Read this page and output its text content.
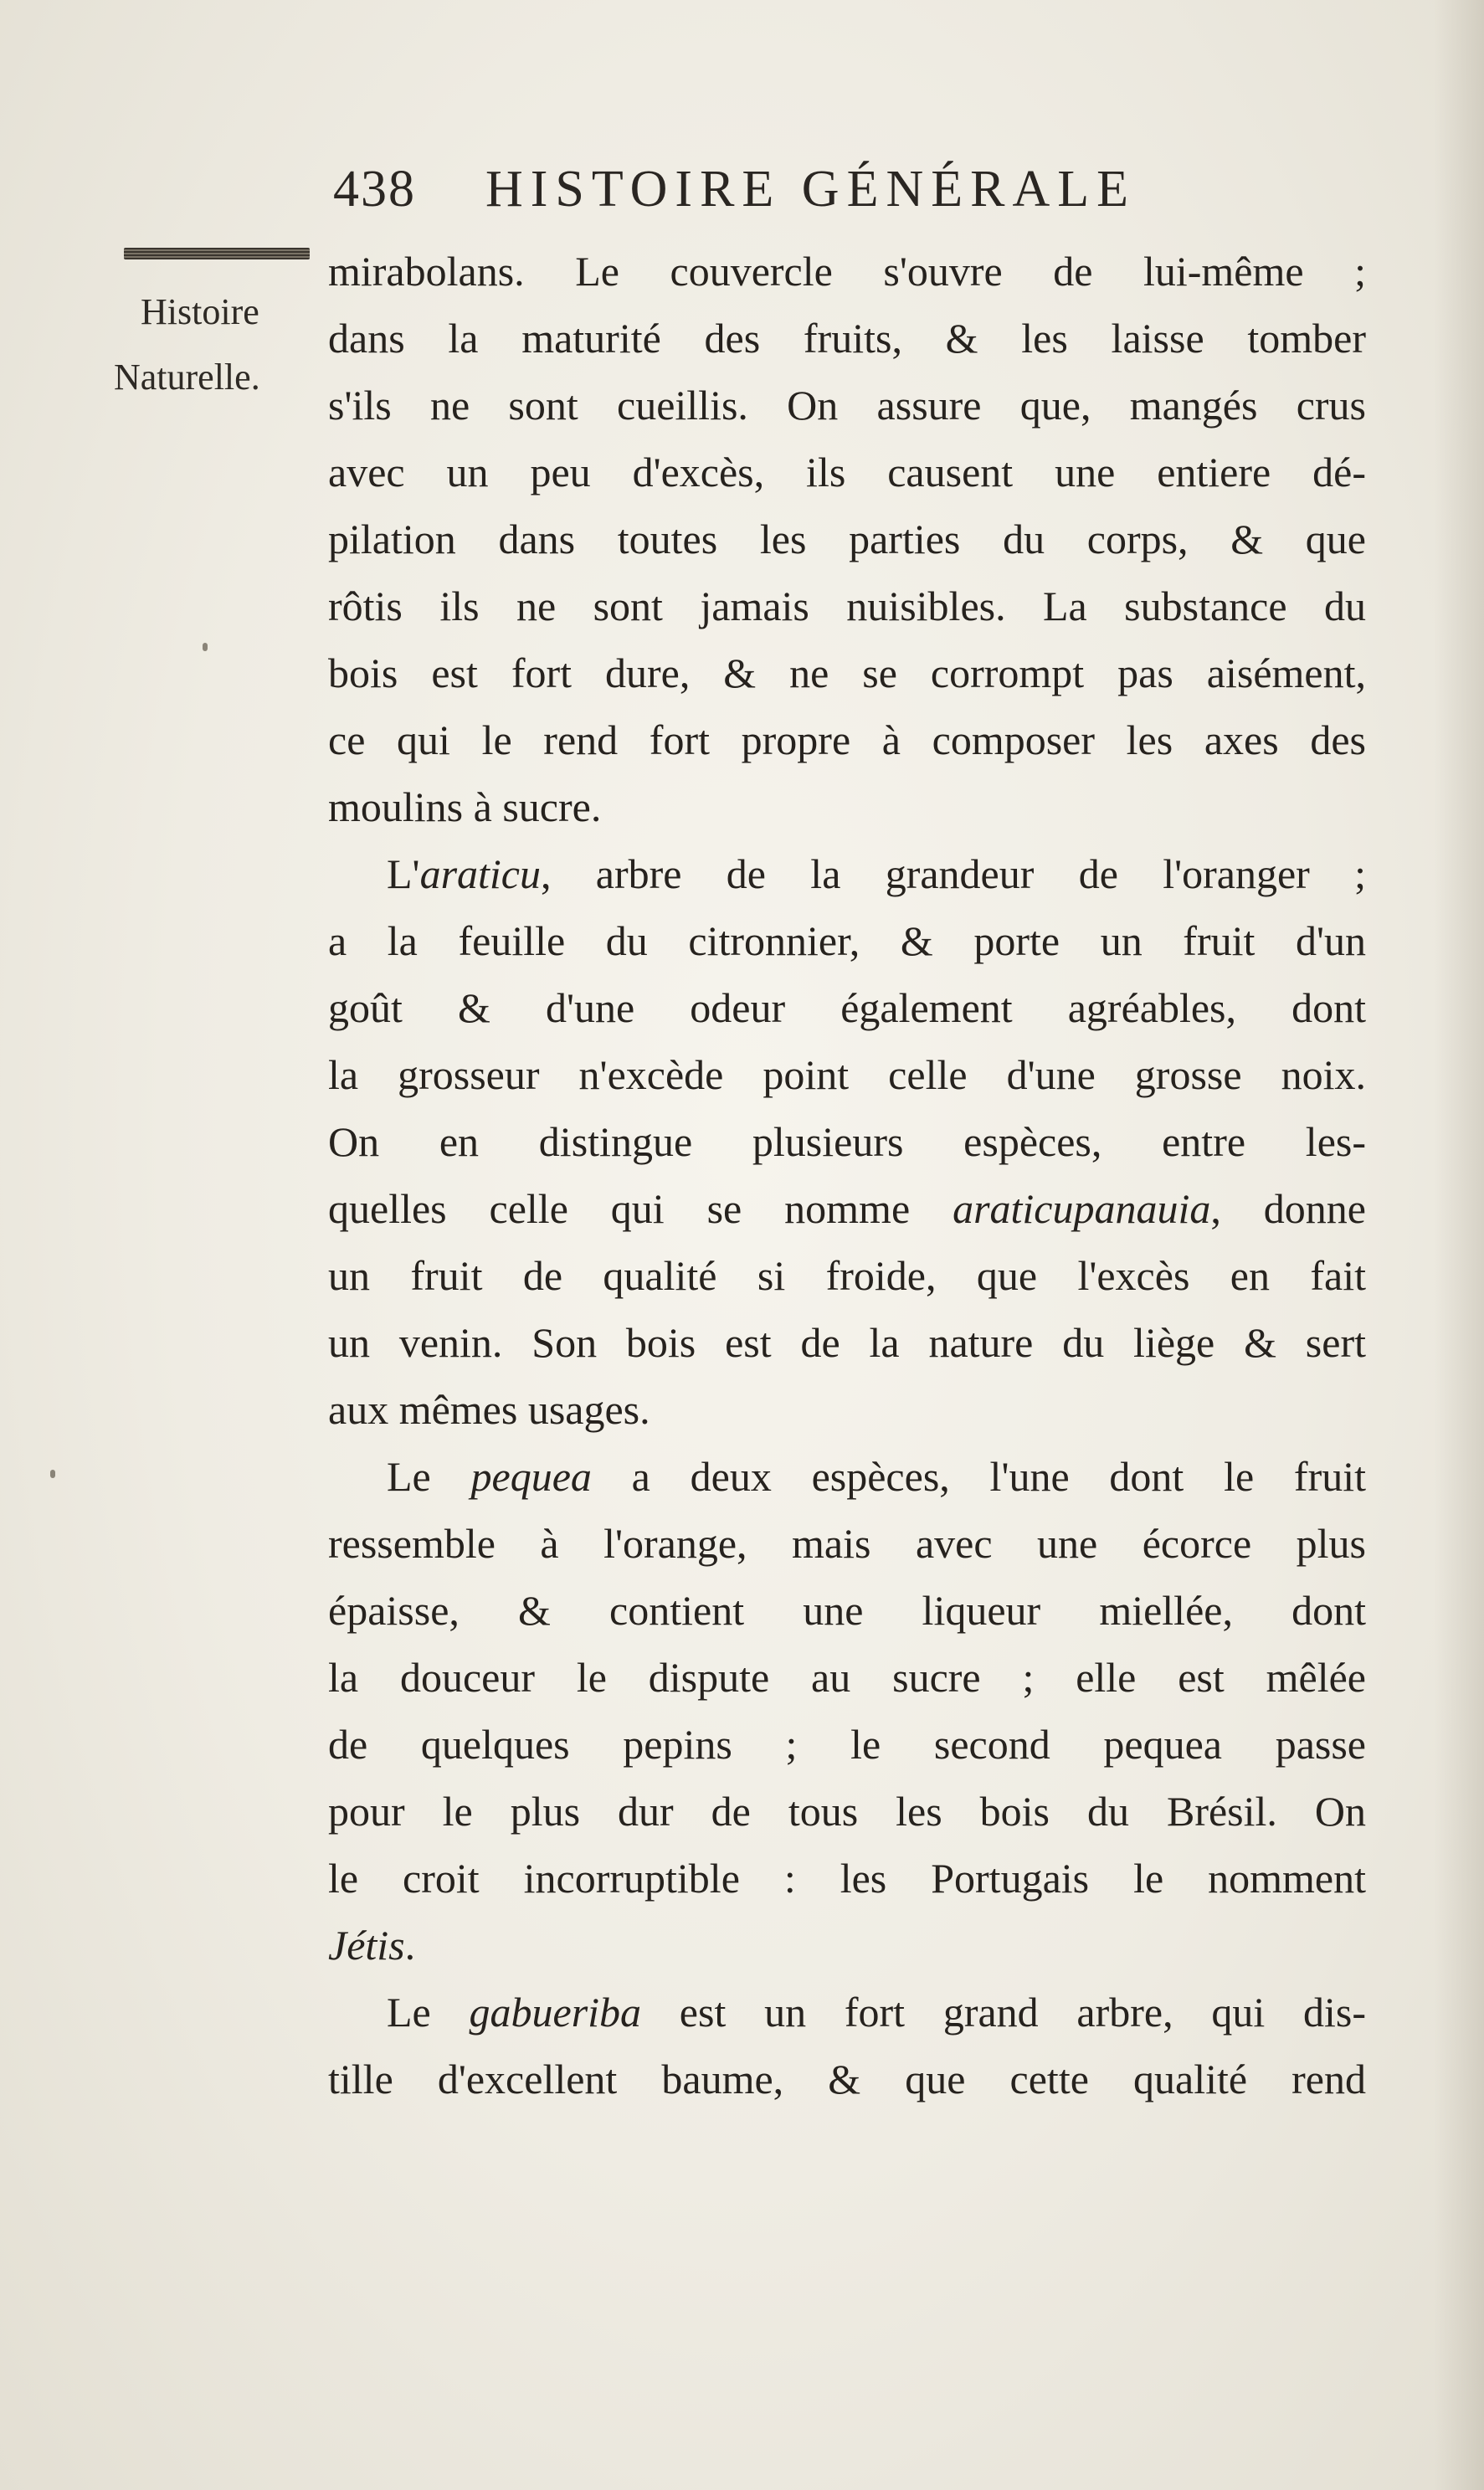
438 HISTOIRE GÉNÉRALE
Histoire
Naturelle.
mirabolans. Le couvercle s'ouvre de lui-même ;
dans la maturité des fruits, & les laisse tomber
s'ils ne sont cueillis. On assure que, mangés crus
avec un peu d'excès, ils causent une entiere dé-
pilation dans toutes les parties du corps, & que
rôtis ils ne sont jamais nuisibles. La substance du
bois est fort dure, & ne se corrompt pas aisément,
ce qui le rend fort propre à composer les axes des
moulins à sucre.
L'araticu, arbre de la grandeur de l'oranger ;
a la feuille du citronnier, & porte un fruit d'un
goût & d'une odeur également agréables, dont
la grosseur n'excède point celle d'une grosse noix.
On en distingue plusieurs espèces, entre les-
quelles celle qui se nomme araticupanauia, donne
un fruit de qualité si froide, que l'excès en fait
un venin. Son bois est de la nature du liège & sert
aux mêmes usages.
Le pequea a deux espèces, l'une dont le fruit
ressemble à l'orange, mais avec une écorce plus
épaisse, & contient une liqueur miellée, dont
la douceur le dispute au sucre ; elle est mêlée
de quelques pepins ; le second pequea passe
pour le plus dur de tous les bois du Brésil. On
le croit incorruptible : les Portugais le nomment
Jétis.
Le gabueriba est un fort grand arbre, qui dis-
tille d'excellent baume, & que cette qualité rend
